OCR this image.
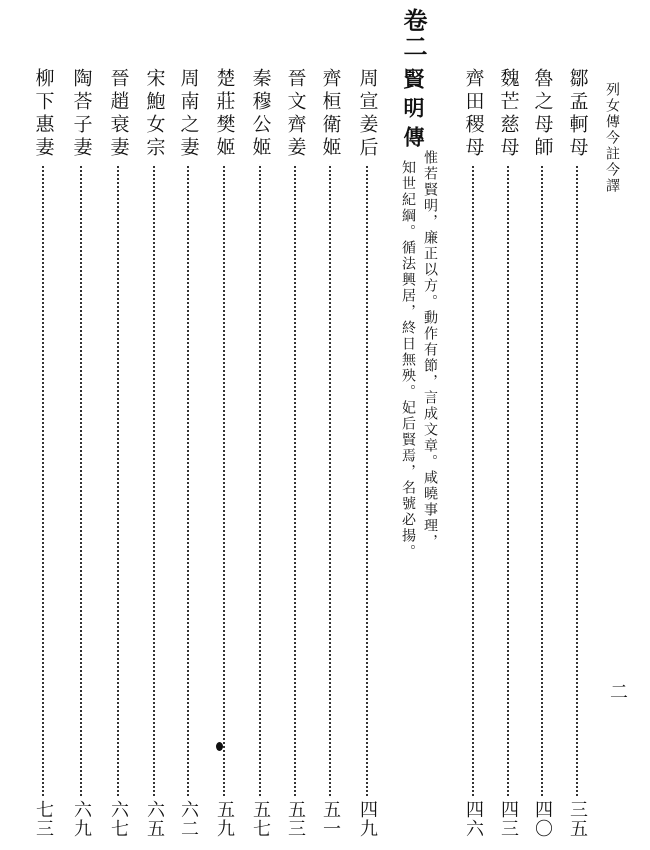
列女傳今註今譯
二
卷二
鄒孟軻母
三五
魯之母師
四〇
魏芒慈母
四三
齊田稷母
四六
賢明傳
惟若賢明，廉正以方。動作有節，言成文章。咸曉事理，
知世紀綱。循法興居，終日無殃。妃后賢焉，名號必揚。
周宣姜后
四九
齊桓衛姬
五一
晉文齊姜
五三
秦穆公姬
五七
楚莊樊姬
五九
周南之妻
六二
宋鮑女宗
六五
晉趙衰妻
六七
陶荅子妻
六九
柳下惠妻
七三
